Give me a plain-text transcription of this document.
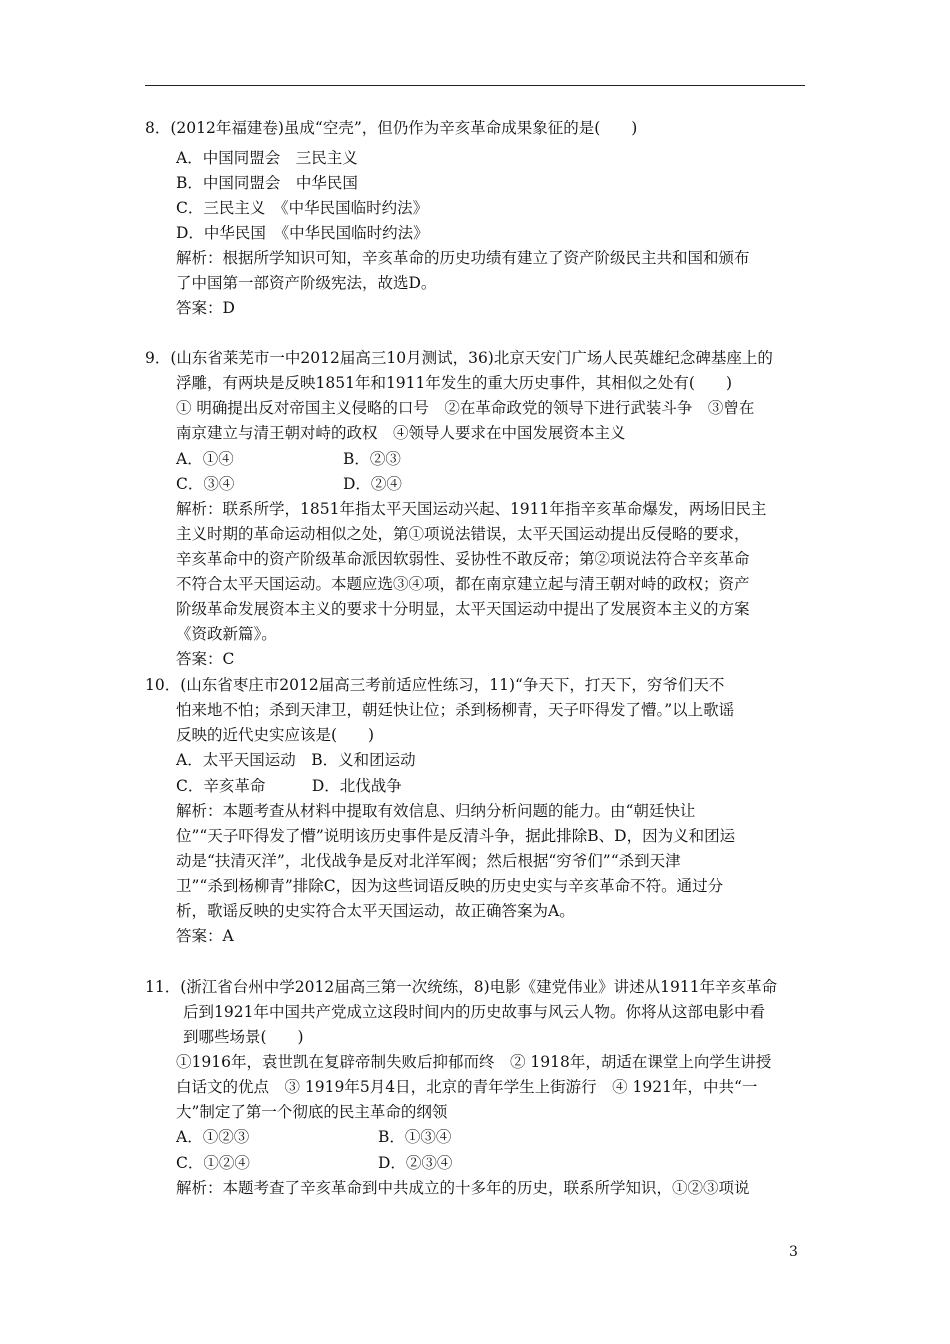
8．(2012年福建卷)虽成“空壳”，但仍作为辛亥革命成果象征的是(　　)
A．中国同盟会　三民主义
B．中国同盟会　中华民国
C．三民主义　《中华民国临时约法》
D．中华民国　《中华民国临时约法》
解析：根据所学知识可知，辛亥革命的历史功绩有建立了资产阶级民主共和国和颁布
了中国第一部资产阶级宪法，故选D。
答案：D
9．(山东省莱芜市一中2012届高三10月测试，36)北京天安门广场人民英雄纪念碑基座上的
浮雕，有两块是反映1851年和1911年发生的重大历史事件，其相似之处有(　　)
① 明确提出反对帝国主义侵略的口号　②在革命政党的领导下进行武装斗争　③曾在
南京建立与清王朝对峙的政权　④领导人要求在中国发展资本主义
A．①④	B．②③
C．③④	D．②④
解析：联系所学，1851年指太平天国运动兴起、1911年指辛亥革命爆发，两场旧民主
主义时期的革命运动相似之处，第①项说法错误，太平天国运动提出反侵略的要求，
辛亥革命中的资产阶级革命派因软弱性、妥协性不敢反帝；第②项说法符合辛亥革命
不符合太平天国运动。本题应选③④项，都在南京建立起与清王朝对峙的政权；资产
阶级革命发展资本主义的要求十分明显，太平天国运动中提出了发展资本主义的方案
《资政新篇》。
答案：C
10．(山东省枣庄市2012届高三考前适应性练习，11)“争天下，打天下，穷爷们天不
怕来地不怕；杀到天津卫，朝廷快让位；杀到杨柳青，天子吓得发了懵。”以上歌谣
反映的近代史实应该是(　　)
A．太平天国运动　B．义和团运动
C．辛亥革命　　　D．北伐战争
解析：本题考查从材料中提取有效信息、归纳分析问题的能力。由“朝廷快让
位”“天子吓得发了懵”说明该历史事件是反清斗争，据此排除B、D，因为义和团运
动是“扶清灭洋”，北伐战争是反对北洋军阀；然后根据“穷爷们”“杀到天津
卫”“杀到杨柳青”排除C，因为这些词语反映的历史史实与辛亥革命不符。通过分
析，歌谣反映的史实符合太平天国运动，故正确答案为A。
答案：A
11．(浙江省台州中学2012届高三第一次统练，8)电影《建党伟业》讲述从1911年辛亥革命
后到1921年中国共产党成立这段时间内的历史故事与风云人物。你将从这部电影中看
到哪些场景(　　)
①1916年，袁世凯在复辟帝制失败后抑郁而终　② 1918年，胡适在课堂上向学生讲授
白话文的优点　③ 1919年5月4日，北京的青年学生上街游行　④ 1921年，中共“一
大”制定了第一个彻底的民主革命的纲领
A．①②③	B．①③④
C．①②④	D．②③④
解析：本题考查了辛亥革命到中共成立的十多年的历史，联系所学知识，①②③项说
3
